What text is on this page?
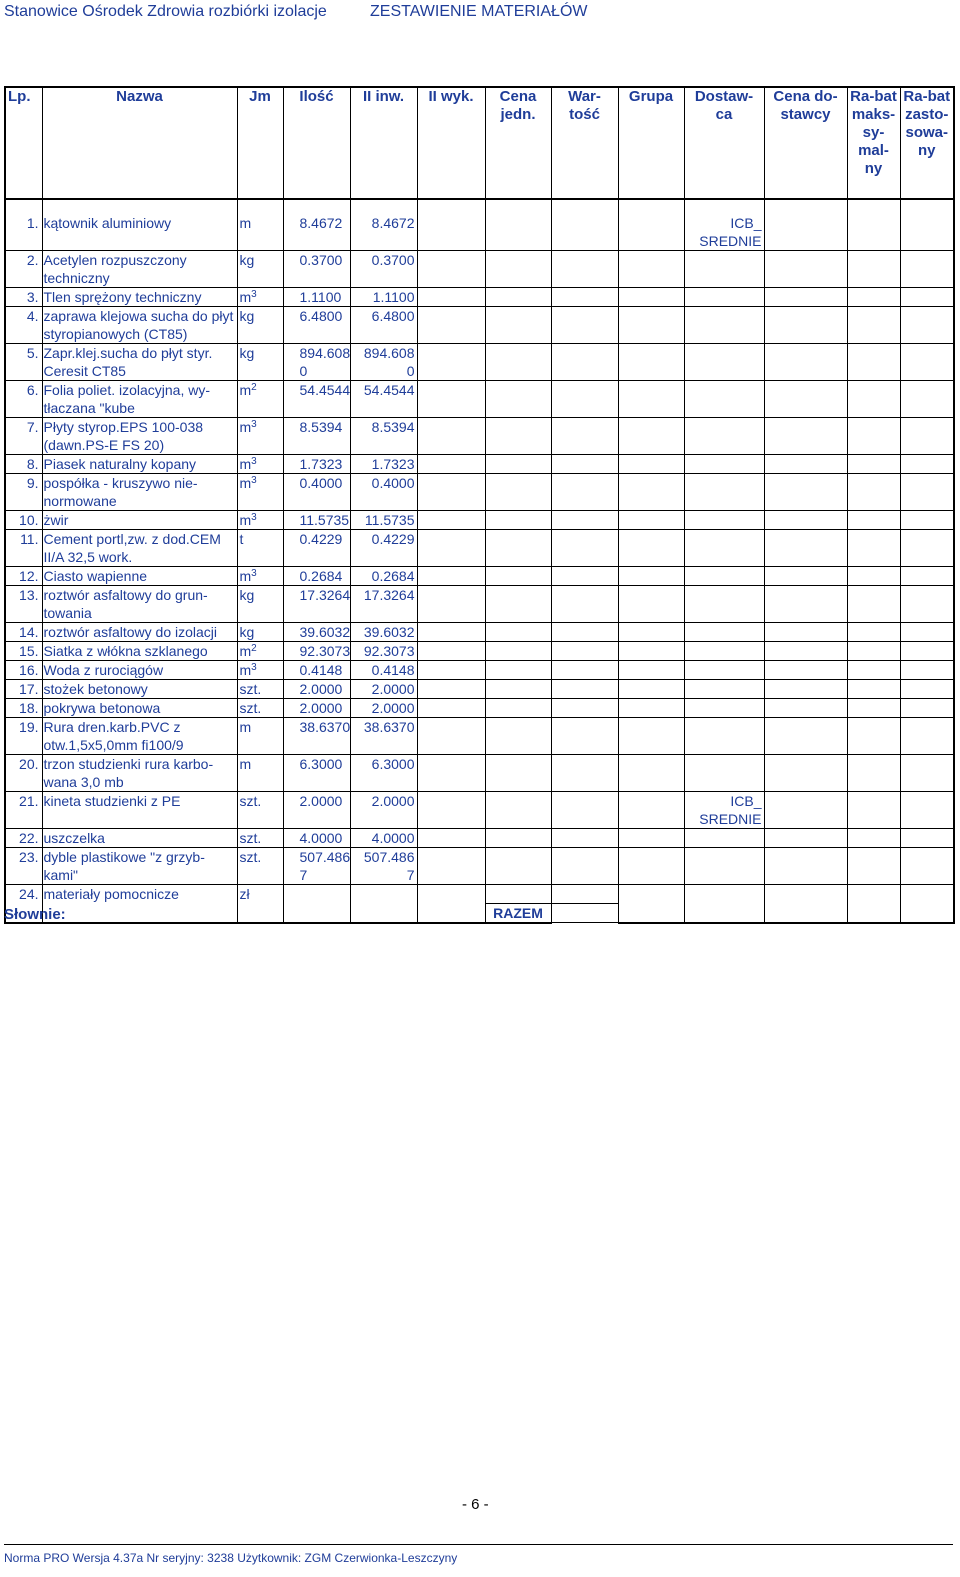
Stanowice Ośrodek Zdrowia rozbiórki izolacje	ZESTAWIENIE MATERIAŁÓW
Lp.	Nazwa	Jm	Ilość	II inw.	II wyk.	Cena jedn.	War-tość	Grupa	Dostaw-ca	Cena do-stawcy	Ra-bat maks-sy-mal-ny	Ra-bat zasto-sowa-ny
1.	kątownik aluminiowy	m	8.4672	8.4672					ICB_ SREDNIE			
2.	Acetylen rozpuszczony techniczny	kg	0.3700	0.3700								
3.	Tlen sprężony techniczny	$m^3$	1.1100	1.1100								
4.	zaprawa klejowa sucha do płyt styropianowych (CT85)	kg	6.4800	6.4800								
5.	Zapr.klej.sucha do płyt styr. Ceresit CT85	kg	894.608 0	894.608 0								
6.	Folia poliet. izolacyjna, wy-tłaczana "kube	$m^2$	54.4544	54.4544								
7.	Płyty styrop.EPS 100-038 (dawn.PS-E FS 20)	$m^3$	8.5394	8.5394								
8.	Piasek naturalny kopany	$m^3$	1.7323	1.7323								
9.	pospółka - kruszywo nie-normowane	$m^3$	0.4000	0.4000								
10.	żwir	$m^3$	11.5735	11.5735								
11.	Cement portl,zw. z dod.CEM II/A 32,5 work.	t	0.4229	0.4229								
12.	Ciasto wapienne	$m^3$	0.2684	0.2684								
13.	roztwór asfaltowy do grun-towania	kg	17.3264	17.3264								
14.	roztwór asfaltowy do izolacji	kg	39.6032	39.6032								
15.	Siatka z włókna szklanego	$m^2$	92.3073	92.3073								
16.	Woda z rurociągów	$m^3$	0.4148	0.4148								
17.	stożek betonowy	szt.	2.0000	2.0000								
18.	pokrywa betonowa	szt.	2.0000	2.0000								
19.	Rura dren.karb.PVC z otw.1,5x5,0mm fi100/9	m	38.6370	38.6370								
20.	trzon studzienki rura karbo-wana 3,0 mb	m	6.3000	6.3000								
21.	kineta studzienki z PE	szt.	2.0000	2.0000					ICB_ SREDNIE			
22.	uszczelka	szt.	4.0000	4.0000								
23.	dyble plastikowe "z grzyb-kami"	szt.	507.486 7	507.486 7								
24.	materiały pomocnicze	zł										
						RAZEM						
Słownie:
- 6 -
Norma PRO Wersja 4.37a Nr seryjny: 3238 Użytkownik: ZGM Czerwionka-Leszczyny
